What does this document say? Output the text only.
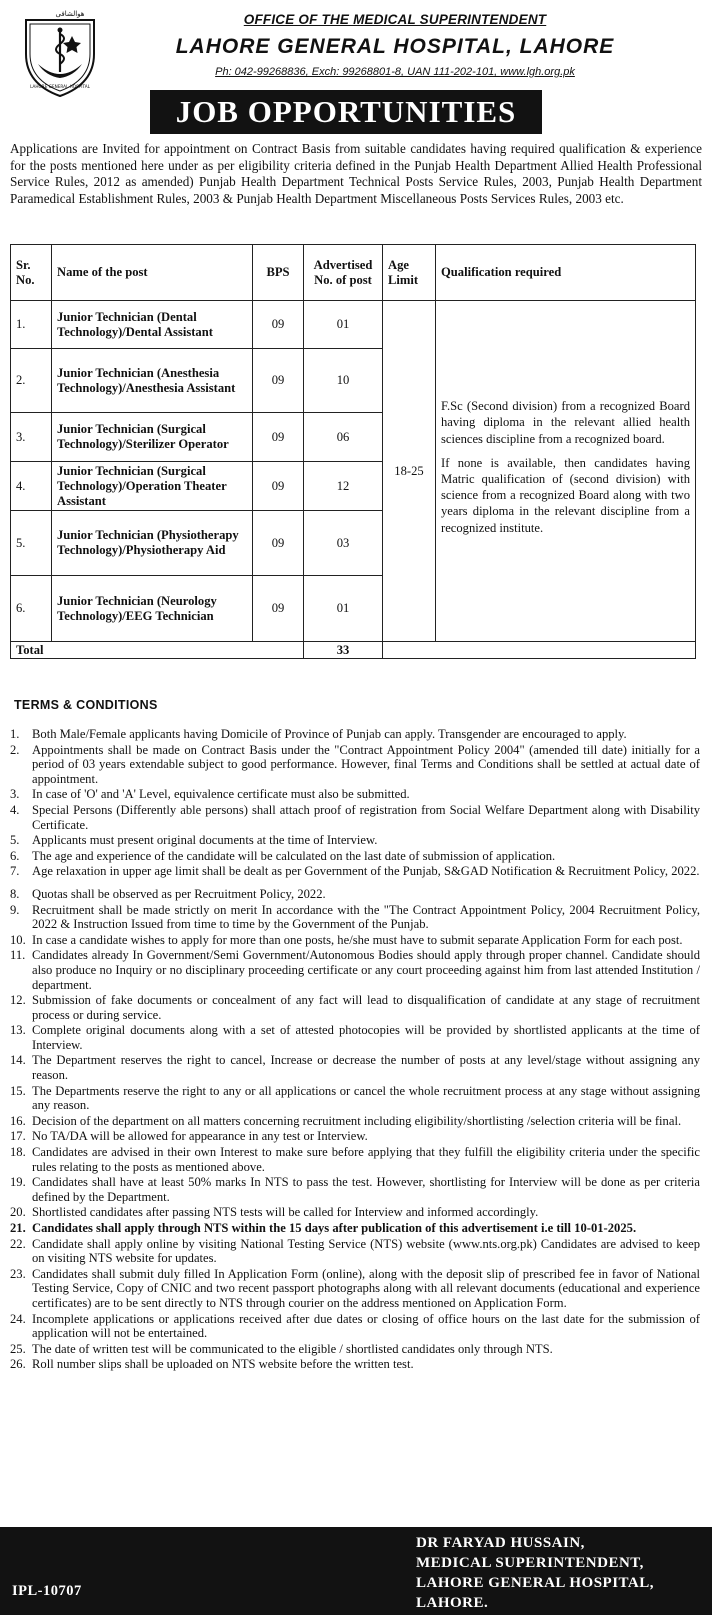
ھوالشافی
LAHORE GENERAL HOSPITAL
OFFICE OF THE MEDICAL SUPERINTENDENT
LAHORE GENERAL HOSPITAL, LAHORE
Ph: 042-99268836, Exch: 99268801-8, UAN 111-202-101, www.lgh.org.pk
JOB OPPORTUNITIES
Applications are Invited for appointment on Contract Basis from suitable candidates having required qualification & experience for the posts mentioned here under as per eligibility criteria defined in the Punjab Health Department Allied Health Professional Service Rules, 2012 as amended) Punjab Health Department Technical Posts Service Rules, 2003, Punjab Health Department Paramedical Establishment Rules, 2003 & Punjab Health Department Miscellaneous Posts Services Rules, 2003 etc.
Sr. No.	Name of the post	BPS	Advertised No. of post	Age Limit	Qualification required
1.	Junior Technician (Dental Technology)/Dental Assistant	09	01	18-25	F.Sc (Second division) from a recognized Board having diploma in the relevant allied health sciences discipline from a recognized board.

If none is available, then candidates having Matric qualification of (second division) with science from a recognized Board along with two years diploma in the relevant discipline from a recognized institute.

2.	Junior Technician (Anesthesia Technology)/Anesthesia Assistant	09	10		
3.	Junior Technician (Surgical Technology)/Sterilizer Operator	09	06		
4.	Junior Technician (Surgical Technology)/Operation Theater Assistant	09	12		
5.	Junior Technician (Physiotherapy Technology)/Physiotherapy Aid	09	03		
6.	Junior Technician (Neurology Technology)/EEG Technician	09	01		
Total			33		
TERMS & CONDITIONS
1. Both Male/Female applicants having Domicile of Province of Punjab can apply. Transgender are encouraged to apply.
2. Appointments shall be made on Contract Basis under the "Contract Appointment Policy 2004" (amended till date) initially for a period of 03 years extendable subject to good performance. However, final Terms and Conditions shall be settled at actual date of appointment.
3. In case of 'O' and 'A' Level, equivalence certificate must also be submitted.
4. Special Persons (Differently able persons) shall attach proof of registration from Social Welfare Department along with Disability Certificate.
5. Applicants must present original documents at the time of Interview.
6. The age and experience of the candidate will be calculated on the last date of submission of application.
7. Age relaxation in upper age limit shall be dealt as per Government of the Punjab, S&GAD Notification & Recruitment Policy, 2022.
8. Quotas shall be observed as per Recruitment Policy, 2022.
9. Recruitment shall be made strictly on merit In accordance with the "The Contract Appointment Policy, 2004 Recruitment Policy, 2022 & Instruction Issued from time to time by the Government of the Punjab.
10. In case a candidate wishes to apply for more than one posts, he/she must have to submit separate Application Form for each post.
11. Candidates already In Government/Semi Government/Autonomous Bodies should apply through proper channel. Candidate should also produce no Inquiry or no disciplinary proceeding certificate or any court proceeding against him from last attended Institution / department.
12. Submission of fake documents or concealment of any fact will lead to disqualification of candidate at any stage of recruitment process or during service.
13. Complete original documents along with a set of attested photocopies will be provided by shortlisted applicants at the time of Interview.
14. The Department reserves the right to cancel, Increase or decrease the number of posts at any level/stage without assigning any reason.
15. The Departments reserve the right to any or all applications or cancel the whole recruitment process at any stage without assigning any reason.
16. Decision of the department on all matters concerning recruitment including eligibility/shortlisting /selection criteria will be final.
17. No TA/DA will be allowed for appearance in any test or Interview.
18. Candidates are advised in their own Interest to make sure before applying that they fulfill the eligibility criteria under the specific rules relating to the posts as mentioned above.
19. Candidates shall have at least 50% marks In NTS to pass the test. However, shortlisting for Interview will be done as per criteria defined by the Department.
20. Shortlisted candidates after passing NTS tests will be called for Interview and informed accordingly.
21. Candidates shall apply through NTS within the 15 days after publication of this advertisement i.e till 10-01-2025.
22. Candidate shall apply online by visiting National Testing Service (NTS) website (www.nts.org.pk) Candidates are advised to keep on visiting NTS website for updates.
23. Candidates shall submit duly filled In Application Form (online), along with the deposit slip of prescribed fee in favor of National Testing Service, Copy of CNIC and two recent passport photographs along with all relevant documents (educational and experience certificates) are to be sent directly to NTS through courier on the address mentioned on Application Form.
24. Incomplete applications or applications received after due dates or closing of office hours on the last date for the submission of application will not be entertained.
25. The date of written test will be communicated to the eligible / shortlisted candidates only through NTS.
26. Roll number slips shall be uploaded on NTS website before the written test.
IPL-10707
DR FARYAD HUSSAIN,
MEDICAL SUPERINTENDENT,
LAHORE GENERAL HOSPITAL,
LAHORE.
